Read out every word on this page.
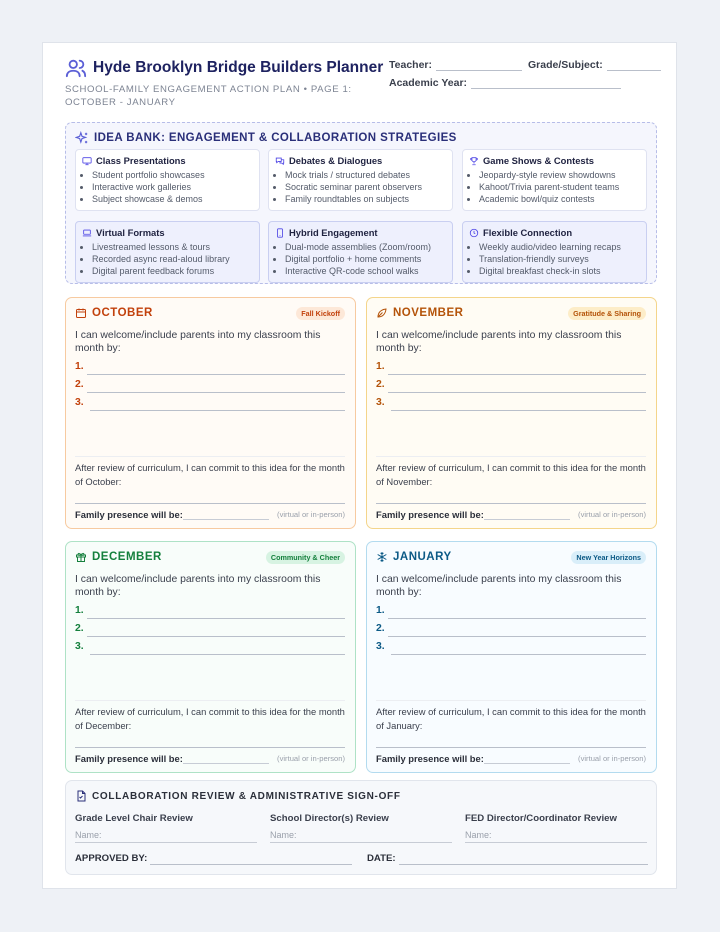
Hyde Brooklyn Bridge Builders Planner
SCHOOL-FAMILY ENGAGEMENT ACTION PLAN • PAGE 1: OCTOBER - JANUARY
Teacher:	Grade/Subject:
Academic Year:
IDEA BANK: ENGAGEMENT & COLLABORATION STRATEGIES
Class Presentations
• Student portfolio showcases
• Interactive work galleries
• Subject showcase & demos
Debates & Dialogues
• Mock trials / structured debates
• Socratic seminar parent observers
• Family roundtables on subjects
Game Shows & Contests
• Jeopardy-style review showdowns
• Kahoot/Trivia parent-student teams
• Academic bowl/quiz contests
Virtual Formats
• Livestreamed lessons & tours
• Recorded async read-aloud library
• Digital parent feedback forums
Hybrid Engagement
• Dual-mode assemblies (Zoom/room)
• Digital portfolio + home comments
• Interactive QR-code school walks
Flexible Connection
• Weekly audio/video learning recaps
• Translation-friendly surveys
• Digital breakfast check-in slots
OCTOBER	Fall Kickoff
I can welcome/include parents into my classroom this month by:
1.
2.
3.
After review of curriculum, I can commit to this idea for the month of October:
Family presence will be:	(virtual or in-person)
NOVEMBER	Gratitude & Sharing
I can welcome/include parents into my classroom this month by:
1.
2.
3.
After review of curriculum, I can commit to this idea for the month of November:
Family presence will be:	(virtual or in-person)
DECEMBER	Community & Cheer
I can welcome/include parents into my classroom this month by:
1.
2.
3.
After review of curriculum, I can commit to this idea for the month of December:
Family presence will be:	(virtual or in-person)
JANUARY	New Year Horizons
I can welcome/include parents into my classroom this month by:
1.
2.
3.
After review of curriculum, I can commit to this idea for the month of January:
Family presence will be:	(virtual or in-person)
COLLABORATION REVIEW & ADMINISTRATIVE SIGN-OFF
Grade Level Chair Review
Name:
School Director(s) Review
Name:
FED Director/Coordinator Review
Name:
APPROVED BY:	DATE:
